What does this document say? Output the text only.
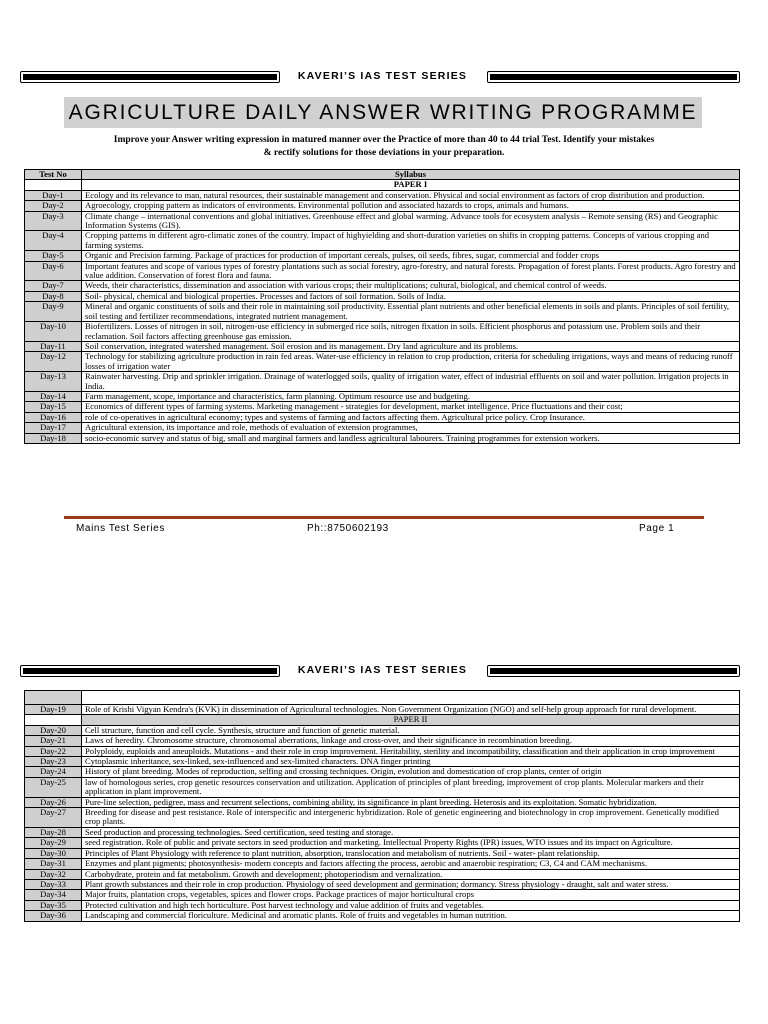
KAVERI’S IAS TEST SERIES
AGRICULTURE DAILY ANSWER WRITING PROGRAMME
Improve your Answer writing expression in matured manner over the Practice of more than 40 to 44 trial Test. Identify your mistakes
& rectify solutions for those deviations in your preparation.
Test No	Syllabus
	PAPER I
Day-1	Ecology and its relevance to man, natural resources, their sustainable management and conservation. Physical and social environment as factors of crop distribution and production.
Day-2	Agroecology, cropping pattern as indicators of environments. Environmental pollution and associated hazards to crops, animals and humans.
Day-3	Climate change – international conventions and global initiatives. Greenhouse effect and global warming. Advance tools for ecosystem analysis – Remote sensing (RS) and Geographic Information Systems (GIS).
Day-4	Cropping patterns in different agro-climatic zones of the country. Impact of highyielding and short-duration varieties on shifts in cropping patterns. Concepts of various cropping and farming systems.
Day-5	Organic and Precision farming. Package of practices for production of important cereals, pulses, oil seeds, fibres, sugar, commercial and fodder crops
Day-6	Important features and scope of various types of forestry plantations such as social forestry, agro-forestry, and natural forests. Propagation of forest plants. Forest products. Agro forestry and value addition. Conservation of forest flora and fauna.
Day-7	Weeds, their characteristics, dissemination and association with various crops; their multiplications; cultural, biological, and chemical control of weeds.
Day-8	Soil- physical, chemical and biological properties. Processes and factors of soil formation. Soils of India.
Day-9	Mineral and organic constituents of soils and their role in maintaining soil productivity. Essential plant nutrients and other beneficial elements in soils and plants. Principles of soil fertility, soil testing and fertilizer recommendations, integrated nutrient management.
Day-10	Biofertilizers. Losses of nitrogen in soil, nitrogen-use efficiency in submerged rice soils, nitrogen fixation in soils. Efficient phosphorus and potassium use. Problem soils and their reclamation. Soil factors affecting greenhouse gas emission.
Day-11	Soil conservation, integrated watershed management. Soil erosion and its management. Dry land agriculture and its problems.
Day-12	Technology for stabilizing agriculture production in rain fed areas. Water-use efficiency in relation to crop production, criteria for scheduling irrigations, ways and means of reducing runoff losses of irrigation water
Day-13	Rainwater harvesting. Drip and sprinkler irrigation. Drainage of waterlogged soils, quality of irrigation water, effect of industrial effluents on soil and water pollution. Irrigation projects in India.
Day-14	Farm management, scope, importance and characteristics, farm planning. Optimum resource use and budgeting.
Day-15	Economics of different types of farming systems. Marketing management - strategies for development, market intelligence. Price fluctuations and their cost;
Day-16	role of co-operatives in agricultural economy; types and systems of farming and factors affecting them. Agricultural price policy. Crop Insurance.
Day-17	Agricultural extension, its importance and role, methods of evaluation of extension programmes,
Day-18	socio-economic survey and status of big, small and marginal farmers and landless agricultural labourers. Training programmes for extension workers.
Mains Test Series	Ph::8750602193	Page 1
KAVERI’S IAS TEST SERIES

Day-19	Role of Krishi Vigyan Kendra's (KVK) in dissemination of Agricultural technologies. Non Government Organization (NGO) and self-help group approach for rural development.
	PAPER II
Day-20	Cell structure, function and cell cycle. Synthesis, structure and function of genetic material.
Day-21	Laws of heredity. Chromosome structure, chromosomal aberrations, linkage and cross-over, and their significance in recombination breeding.
Day-22	Polyploidy, euploids and aneuploids. Mutations - and their role in crop improvement. Heritability, sterility and incompatibility, classification and their application in crop improvement
Day-23	Cytoplasmic inheritance, sex-linked, sex-influenced and sex-limited characters. DNA finger printing
Day-24	History of plant breeding. Modes of reproduction, selfing and crossing techniques. Origin, evolution and domestication of crop plants, center of origin
Day-25	law of homologous series, crop genetic resources conservation and utilization. Application of principles of plant breeding, improvement of crop plants. Molecular markers and their application in plant improvement.
Day-26	Pure-line selection, pedigree, mass and recurrent selections, combining ability, its significance in plant breeding. Heterosis and its exploitation. Somatic hybridization.
Day-27	Breeding for disease and pest resistance. Role of interspecific and intergeneric hybridization. Role of genetic engineering and biotechnology in crop improvement. Genetically modified crop plants.
Day-28	Seed production and processing technologies. Seed certification, seed testing and storage.
Day-29	seed registration. Role of public and private sectors in seed production and marketing. Intellectual Property Rights (IPR) issues, WTO issues and its impact on Agriculture.
Day-30	Principles of Plant Physiology with reference to plant nutrition, absorption, translocation and metabolism of nutrients. Soil - water- plant relationship.
Day-31	Enzymes and plant pigments; photosynthesis- modern concepts and factors affecting the process, aerobic and anaerobic respiration; C3, C4 and CAM mechanisms.
Day-32	Carbohydrate, protein and fat metabolism. Growth and development; photoperiodism and vernalization.
Day-33	Plant growth substances and their role in crop production. Physiology of seed development and germination; dormancy. Stress physiology - draught, salt and water stress.
Day-34	Major fruits, plantation crops, vegetables, spices and flower crops. Package practices of major horticultural crops
Day-35	Protected cultivation and high tech horticulture. Post harvest technology and value addition of fruits and vegetables.
Day-36	Landscaping and commercial floriculture. Medicinal and aromatic plants. Role of fruits and vegetables in human nutrition.
